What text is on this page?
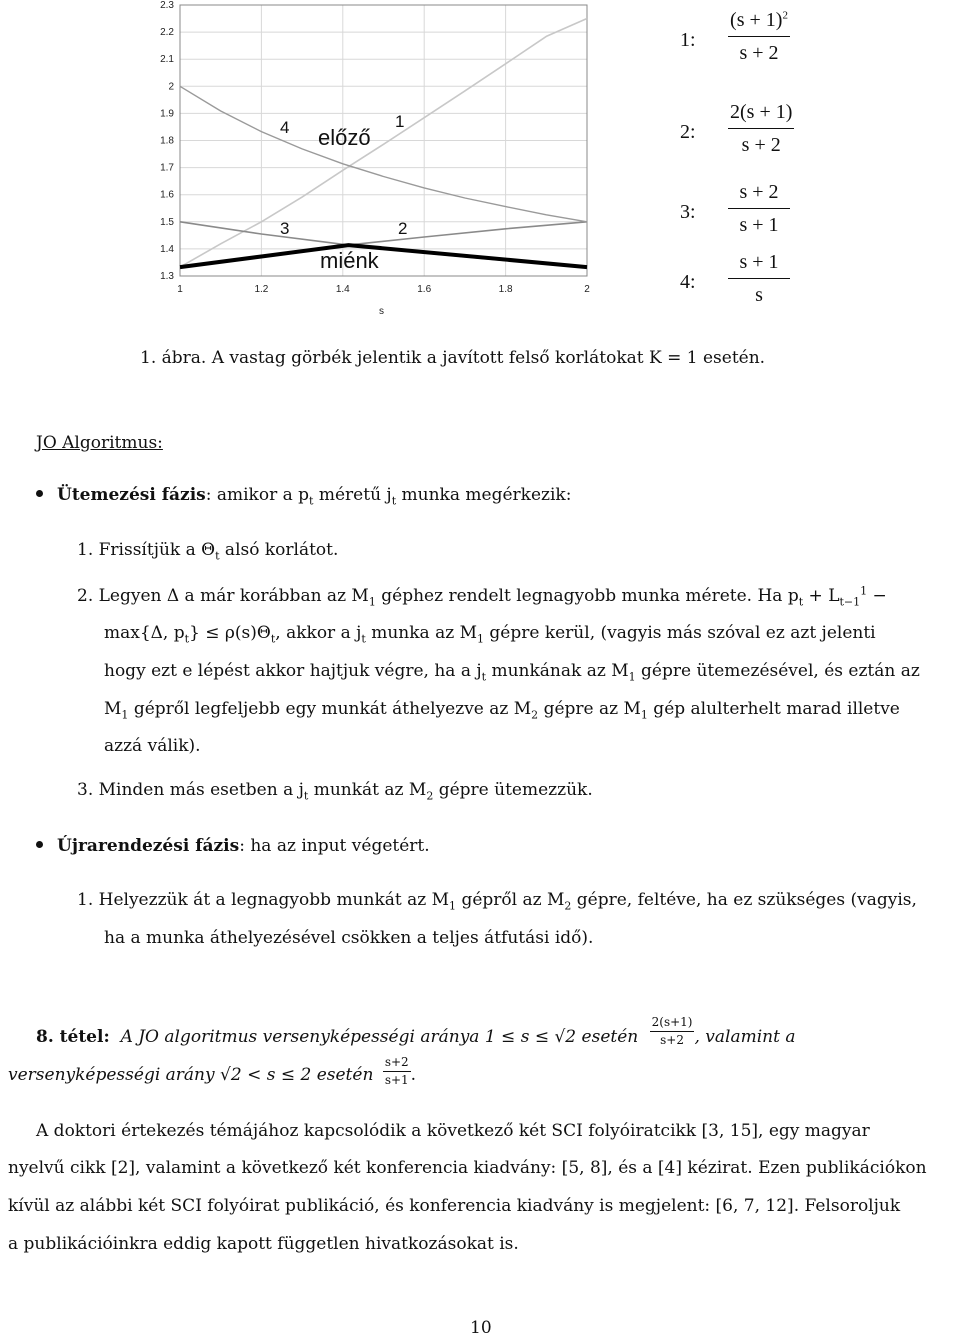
1	1.2	1.4	1.6	1.8	2
1.3
1.4
1.5
1.6
1.7
1.8
1.9
2
2.1
2.2
2.3
s
előző
miénk
4	1
3	2
1: $\frac{(s + 1)^2}{s + 2}$
2: $\frac{2(s + 1)}{s + 2}$
3: $\frac{s + 2}{s + 1}$
4: $\frac{s + 1}{s}$
1. ábra. A vastag görbék jelentik a javított felső korlátokat K = 1 esetén.
JO Algoritmus:
Ütemezési fázis: amikor a $p_t$ méretű $j_t$ munka megérkezik:
1. Frissítjük a $\Theta_t$ alsó korlátot.
2. Legyen Δ a már korábban az $M_1$ géphez rendelt legnagyobb munka mérete. Ha $p_t + L_{t-1}^1$ −
max{Δ, $p_t\} \le \rho(s)\Theta_t$, akkor a $j_t$ munka az $M_1$ gépre kerül, (vagyis más szóval ez azt jelenti
hogy ezt e lépést akkor hajtjuk végre, ha a $j_t$ munkának az $M_1$ gépre ütemezésével, és eztán az
$M_1$ gépről legfeljebb egy munkát áthelyezve az $M_2$ gépre az $M_1$ gép alulterhelt marad illetve
azzá válik).
3. Minden más esetben a $j_t$ munkát az $M_2$ gépre ütemezzük.
Újrarendezési fázis: ha az input végetért.
1. Helyezzük át a legnagyobb munkát az $M_1$ gépről az $M_2$ gépre, feltéve, ha ez szükséges (vagyis,
ha a munka áthelyezésével csökken a teljes átfutási idő).
8. tétel: A JO algoritmus versenyképességi aránya 1 ≤ s ≤ √2 esetén $\frac{2(s+1)}{s+2}$ , valamint a
versenyképességi arány √2 < s ≤ 2 esetén $\frac{s+2}{s+1}$ .
A doktori értekezés témájához kapcsolódik a következő két SCI folyóiratcikk [3, 15], egy magyar
nyelvű cikk [2], valamint a következő két konferencia kiadvány: [5, 8], és a [4] kézirat. Ezen publikációkon
kívül az alábbi két SCI folyóirat publikáció, és konferencia kiadvány is megjelent: [6, 7, 12]. Felsoroljuk
a publikációinkra eddig kapott független hivatkozásokat is.
10
